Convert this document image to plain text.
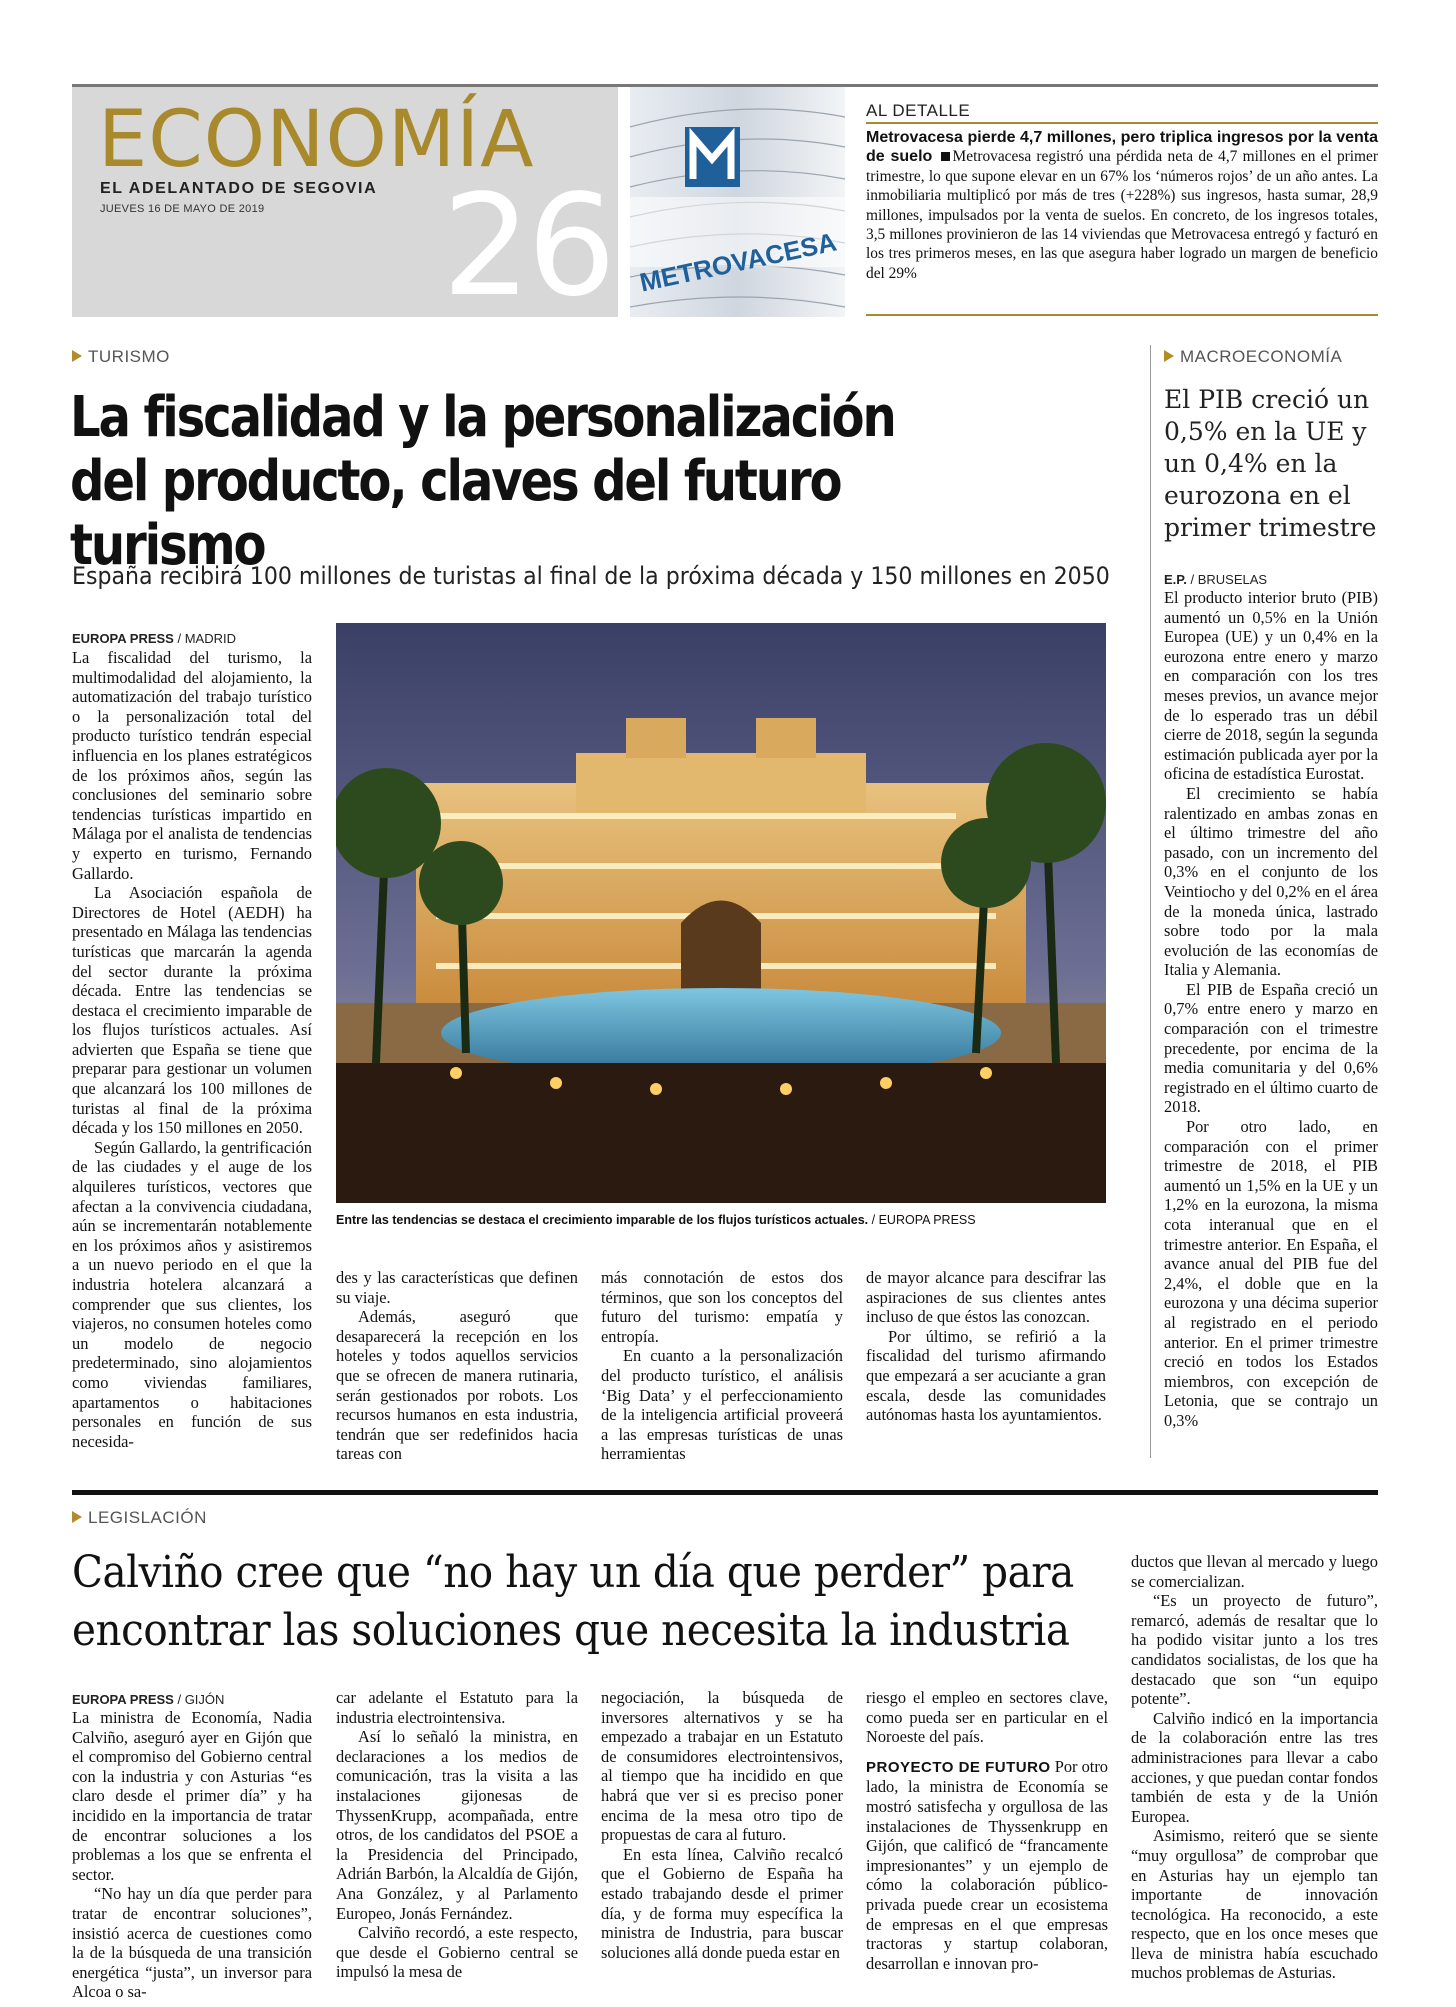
ECONOMÍA
EL ADELANTADO DE SEGOVIA
JUEVES 16 DE MAYO DE 2019 26 METROVACESA
AL DETALLE
Metrovacesa pierde 4,7 millones, pero triplica ingresos por la venta de suelo Metrovacesa registró una pérdida neta de 4,7 millones en el primer trimestre, lo que supone elevar en un 67% los ‘números rojos’ de un año antes. La inmobiliaria multiplicó por más de tres (+228%) sus ingresos, hasta sumar, 28,9 millones, impulsados por la venta de suelos. En concreto, de los ingresos totales, 3,5 millones provinieron de las 14 viviendas que Metrovacesa entregó y facturó en los tres primeros meses, en las que asegura haber logrado un margen de beneficio del 29%
TURISMO
La fiscalidad y la personalización del producto, claves del futuro turismo
España recibirá 100 millones de turistas al final de la próxima década y 150 millones en 2050
EUROPA PRESS / MADRID
Entre las tendencias se destaca el crecimiento imparable de los flujos turísticos actuales. / EUROPA PRESS

La fiscalidad del turismo, la multimodalidad del alojamiento, la automatización del trabajo turístico o la personalización total del producto turístico tendrán especial influencia en los planes estratégicos de los próximos años, según las conclusiones del seminario sobre tendencias turísticas impartido en Málaga por el analista de tendencias y experto en turismo, Fernando Gallardo.

La Asociación española de Directores de Hotel (AEDH) ha presentado en Málaga las tendencias turísticas que marcarán la agenda del sector durante la próxima década. Entre las tendencias se destaca el crecimiento imparable de los flujos turísticos actuales. Así advierten que España se tiene que preparar para gestionar un volumen que alcanzará los 100 millones de turistas al final de la próxima década y los 150 millones en 2050.

Según Gallardo, la gentrificación de las ciudades y el auge de los alquileres turísticos, vectores que afectan a la convivencia ciudadana, aún se incrementarán notablemente en los próximos años y asistiremos a un nuevo periodo en el que la industria hotelera alcanzará a comprender que sus clientes, los viajeros, no consumen hoteles como un modelo de negocio predeterminado, sino alojamientos como viviendas familiares, apartamentos o habitaciones personales en función de sus necesida-

des y las características que definen su viaje.

Además, aseguró que desaparecerá la recepción en los hoteles y todos aquellos servicios que se ofrecen de manera rutinaria, serán gestionados por robots. Los recursos humanos en esta industria, tendrán que ser redefinidos hacia tareas con

más connotación de estos dos términos, que son los conceptos del futuro del turismo: empatía y entropía.

En cuanto a la personalización del producto turístico, el análisis ‘Big Data’ y el perfeccionamiento de la inteligencia artificial proveerá a las empresas turísticas de unas herramientas

de mayor alcance para descifrar las aspiraciones de sus clientes antes incluso de que éstos las conozcan.

Por último, se refirió a la fiscalidad del turismo afirmando que empezará a ser acuciante a gran escala, desde las comunidades autónomas hasta los ayuntamientos.

MACROECONOMÍA
El PIB creció un 0,5% en la UE y un 0,4% en la eurozona en el primer trimestre
E.P. / BRUSELAS

El producto interior bruto (PIB) aumentó un 0,5% en la Unión Europea (UE) y un 0,4% en la eurozona entre enero y marzo en comparación con los tres meses previos, un avance mejor de lo esperado tras un débil cierre de 2018, según la segunda estimación publicada ayer por la oficina de estadística Eurostat.

El crecimiento se había ralentizado en ambas zonas en el último trimestre del año pasado, con un incremento del 0,3% en el conjunto de los Veintiocho y del 0,2% en el área de la moneda única, lastrado sobre todo por la mala evolución de las economías de Italia y Alemania.

El PIB de España creció un 0,7% entre enero y marzo en comparación con el trimestre precedente, por encima de la media comunitaria y del 0,6% registrado en el último cuarto de 2018.

Por otro lado, en comparación con el primer trimestre de 2018, el PIB aumentó un 1,5% en la UE y un 1,2% en la eurozona, la misma cota interanual que en el trimestre anterior. En España, el avance anual del PIB fue del 2,4%, el doble que en la eurozona y una décima superior al registrado en el periodo anterior. En el primer trimestre creció en todos los Estados miembros, con excepción de Letonia, que se contrajo un 0,3%

LEGISLACIÓN
Calviño cree que “no hay un día que perder” para encontrar las soluciones que necesita la industria
EUROPA PRESS / GIJÓN

La ministra de Economía, Nadia Calviño, aseguró ayer en Gijón que el compromiso del Gobierno central con la industria y con Asturias “es claro desde el primer día” y ha incidido en la importancia de tratar de encontrar soluciones a los problemas a los que se enfrenta el sector.

“No hay un día que perder para tratar de encontrar soluciones”, insistió acerca de cuestiones como la de la búsqueda de una transición energética “justa”, un inversor para Alcoa o sa-

car adelante el Estatuto para la industria electrointensiva.

Así lo señaló la ministra, en declaraciones a los medios de comunicación, tras la visita a las instalaciones gijonesas de ThyssenKrupp, acompañada, entre otros, de los candidatos del PSOE a la Presidencia del Principado, Adrián Barbón, la Alcaldía de Gijón, Ana González, y al Parlamento Europeo, Jonás Fernández.

Calviño recordó, a este respecto, que desde el Gobierno central se impulsó la mesa de

negociación, la búsqueda de inversores alternativos y se ha empezado a trabajar en un Estatuto de consumidores electrointensivos, al tiempo que ha incidido en que habrá que ver si es preciso poner encima de la mesa otro tipo de propuestas de cara al futuro.

En esta línea, Calviño recalcó que el Gobierno de España ha estado trabajando desde el primer día, y de forma muy específica la ministra de Industria, para buscar soluciones allá donde pueda estar en

riesgo el empleo en sectores clave, como pueda ser en particular en el Noroeste del país.

PROYECTO DE FUTURO Por otro lado, la ministra de Economía se mostró satisfecha y orgullosa de las instalaciones de Thyssenkrupp en Gijón, que calificó de “francamente impresionantes” y un ejemplo de cómo la colaboración público-privada puede crear un ecosistema de empresas en el que empresas tractoras y startup colaboran, desarrollan e innovan pro-

ductos que llevan al mercado y luego se comercializan.

“Es un proyecto de futuro”, remarcó, además de resaltar que lo ha podido visitar junto a los tres candidatos socialistas, de los que ha destacado que son “un equipo potente”.

Calviño indicó en la importancia de la colaboración entre las tres administraciones para llevar a cabo acciones, y que puedan contar fondos también de esta y de la Unión Europea.

Asimismo, reiteró que se siente “muy orgullosa” de comprobar que en Asturias hay un ejemplo tan importante de innovación tecnológica. Ha reconocido, a este respecto, que en los once meses que lleva de ministra había escuchado muchos problemas de Asturias.
